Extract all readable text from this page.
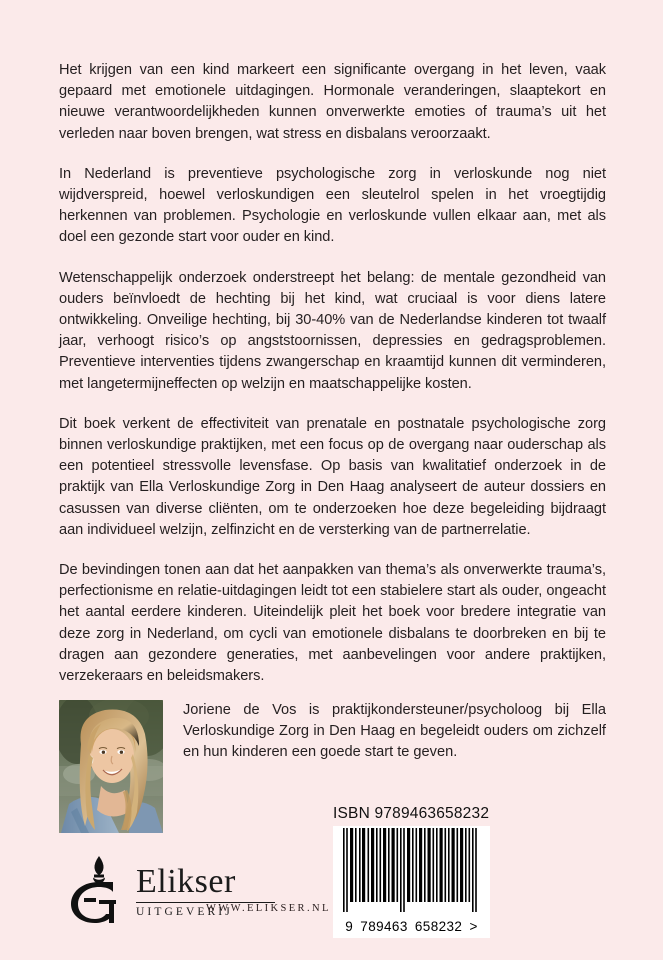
Het krijgen van een kind markeert een significante overgang in het leven, vaak gepaard met emotionele uitdagingen. Hormonale veranderingen, slaaptekort en nieuwe verantwoordelijkheden kunnen onverwerkte emoties of trauma’s uit het verleden naar boven brengen, wat stress en disbalans veroorzaakt.

In Nederland is preventieve psychologische zorg in verloskunde nog niet wijdverspreid, hoewel verloskundigen een sleutelrol spelen in het vroegtijdig herkennen van problemen. Psychologie en verloskunde vullen elkaar aan, met als doel een gezonde start voor ouder en kind.

Wetenschappelijk onderzoek onderstreept het belang: de mentale gezondheid van ouders beïnvloedt de hechting bij het kind, wat cruciaal is voor diens latere ontwikkeling. Onveilige hechting, bij 30-40% van de Nederlandse kinderen tot twaalf jaar, verhoogt risico’s op angststoornissen, depressies en gedragsproblemen. Preventieve interventies tijdens zwangerschap en kraamtijd kunnen dit verminderen, met langetermijneffecten op welzijn en maatschappelijke kosten.

Dit boek verkent de effectiviteit van prenatale en postnatale psychologische zorg binnen verloskundige praktijken, met een focus op de overgang naar ouderschap als een potentieel stressvolle levensfase. Op basis van kwalitatief onderzoek in de praktijk van Ella Verloskundige Zorg in Den Haag analyseert de auteur dossiers en casussen van diverse cliënten, om te onderzoeken hoe deze begeleiding bijdraagt aan individueel welzijn, zelfinzicht en de versterking van de partnerrelatie.

De bevindingen tonen aan dat het aanpakken van thema’s als onverwerkte trauma’s, perfectionisme en relatie-uitdagingen leidt tot een stabielere start als ouder, ongeacht het aantal eerdere kinderen. Uiteindelijk pleit het boek voor bredere integratie van deze zorg in Nederland, om cycli van emotionele disbalans te doorbreken en bij te dragen aan gezondere generaties, met aanbevelingen voor andere praktijken, verzekeraars en beleidsmakers.

Joriene de Vos is praktijkondersteuner/psycholoog bij Ella Verloskundige Zorg in Den Haag en begeleidt ouders om zichzelf en hun kinderen een goede start te geven.
Elikser
UITGEVERIJ
WWW.ELIKSER.NL
ISBN 9789463658232
9 789463 658232 >
